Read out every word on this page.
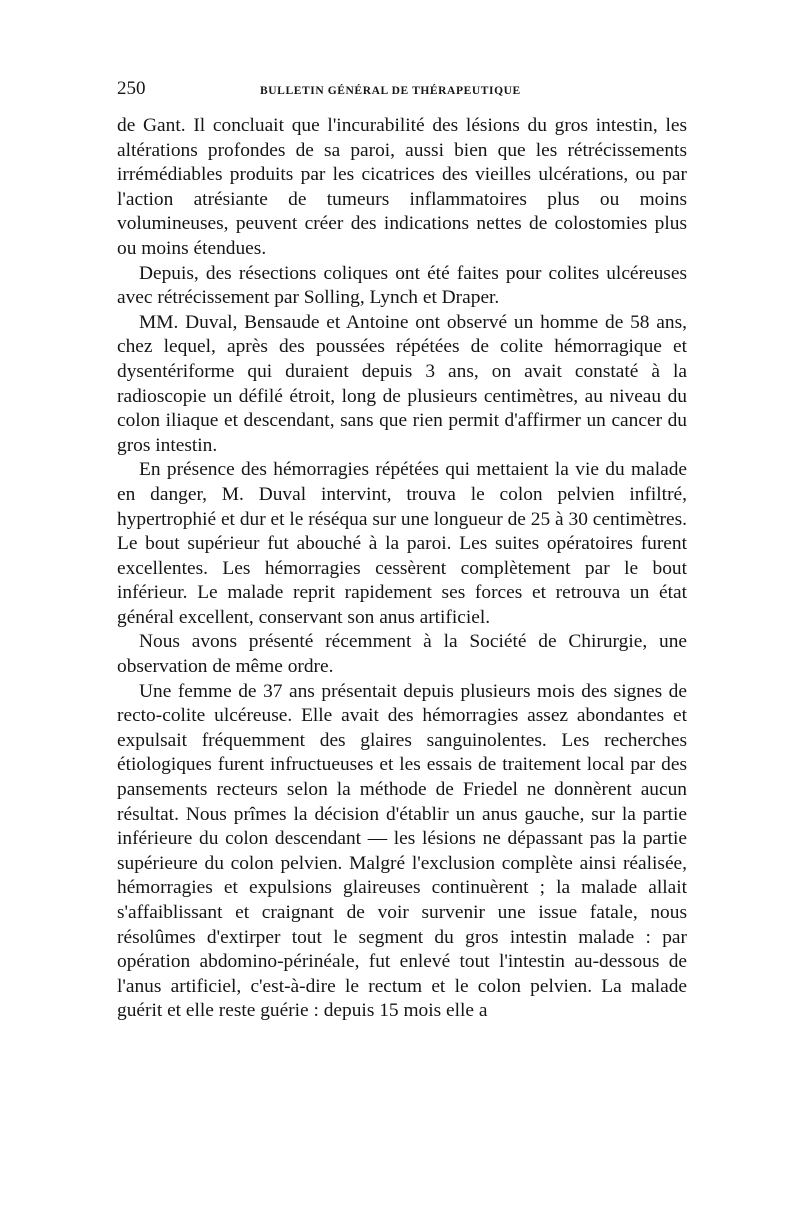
250	BULLETIN GÉNÉRAL DE THÉRAPEUTIQUE

de Gant. Il concluait que l'incurabilité des lésions du gros intestin, les altérations profondes de sa paroi, aussi bien que les rétrécissements irrémédiables produits par les cicatrices des vieilles ulcérations, ou par l'action atrésiante de tumeurs inflammatoires plus ou moins volumineuses, peuvent créer des indications nettes de colostomies plus ou moins étendues.

Depuis, des résections coliques ont été faites pour colites ulcéreuses avec rétrécissement par Solling, Lynch et Draper.

MM. Duval, Bensaude et Antoine ont observé un homme de 58 ans, chez lequel, après des poussées répétées de colite hémorragique et dysentériforme qui duraient depuis 3 ans, on avait constaté à la radioscopie un défilé étroit, long de plusieurs centimètres, au niveau du colon iliaque et descendant, sans que rien permit d'affirmer un cancer du gros intestin.

En présence des hémorragies répétées qui mettaient la vie du malade en danger, M. Duval intervint, trouva le colon pelvien infiltré, hypertrophié et dur et le réséqua sur une longueur de 25 à 30 centimètres. Le bout supérieur fut abouché à la paroi. Les suites opératoires furent excellentes. Les hémorragies cessèrent complètement par le bout inférieur. Le malade reprit rapidement ses forces et retrouva un état général excellent, conservant son anus artificiel.

Nous avons présenté récemment à la Société de Chirurgie, une observation de même ordre.

Une femme de 37 ans présentait depuis plusieurs mois des signes de recto-colite ulcéreuse. Elle avait des hémorragies assez abondantes et expulsait fréquemment des glaires sanguinolentes. Les recherches étiologiques furent infructueuses et les essais de traitement local par des pansements recteurs selon la méthode de Friedel ne donnèrent aucun résultat. Nous prîmes la décision d'établir un anus gauche, sur la partie inférieure du colon descendant — les lésions ne dépassant pas la partie supérieure du colon pelvien. Malgré l'exclusion complète ainsi réalisée, hémorragies et expulsions glaireuses continuèrent ; la malade allait s'affaiblissant et craignant de voir survenir une issue fatale, nous résolûmes d'extirper tout le segment du gros intestin malade : par opération abdomino-périnéale, fut enlevé tout l'intestin au-dessous de l'anus artificiel, c'est-à-dire le rectum et le colon pelvien. La malade guérit et elle reste guérie : depuis 15 mois elle a
